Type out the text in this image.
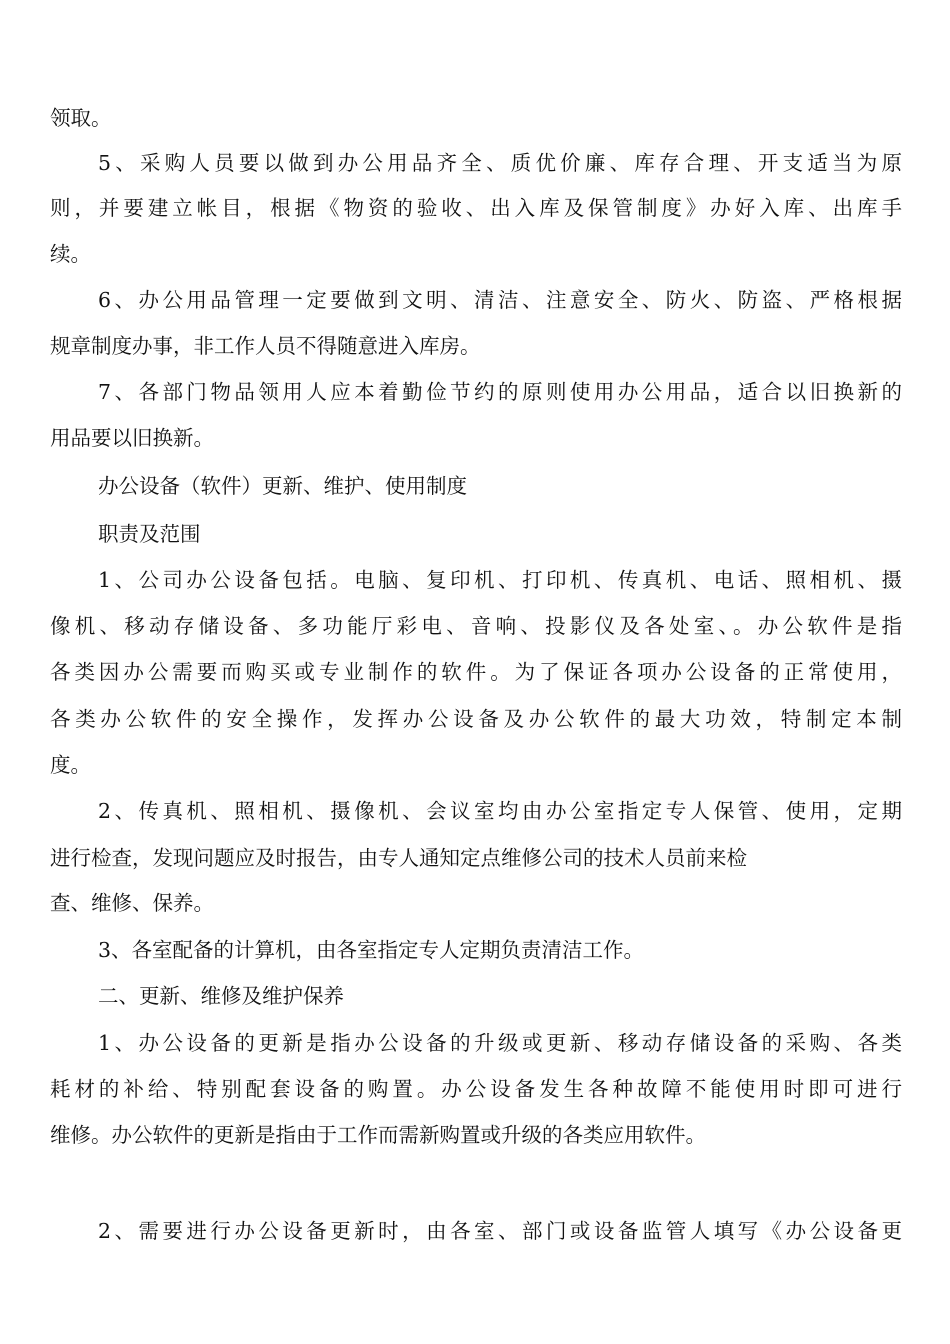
领取。

5、采购人员要以做到办公用品齐全、质优价廉、库存合理、开支适当为原

则，并要建立帐目，根据《物资的验收、出入库及保管制度》办好入库、出库手

续。

6、办公用品管理一定要做到文明、清洁、注意安全、防火、防盗、严格根据

规章制度办事，非工作人员不得随意进入库房。

7、各部门物品领用人应本着勤俭节约的原则使用办公用品，适合以旧换新的

用品要以旧换新。

办公设备（软件）更新、维护、使用制度

职责及范围

1、公司办公设备包括。电脑、复印机、打印机、传真机、电话、照相机、摄

像机、移动存储设备、多功能厅彩电、音响、投影仪及各处室、。办公软件是指

各类因办公需要而购买或专业制作的软件。为了保证各项办公设备的正常使用，

各类办公软件的安全操作，发挥办公设备及办公软件的最大功效，特制定本制

度。

2、传真机、照相机、摄像机、会议室均由办公室指定专人保管、使用，定期

进行检查，发现问题应及时报告，由专人通知定点维修公司的技术人员前来检

查、维修、保养。

3、各室配备的计算机，由各室指定专人定期负责清洁工作。

二、更新、维修及维护保养

1、办公设备的更新是指办公设备的升级或更新、移动存储设备的采购、各类

耗材的补给、特别配套设备的购置。办公设备发生各种故障不能使用时即可进行

维修。办公软件的更新是指由于工作而需新购置或升级的各类应用软件。

2、需要进行办公设备更新时，由各室、部门或设备监管人填写《办公设备更
